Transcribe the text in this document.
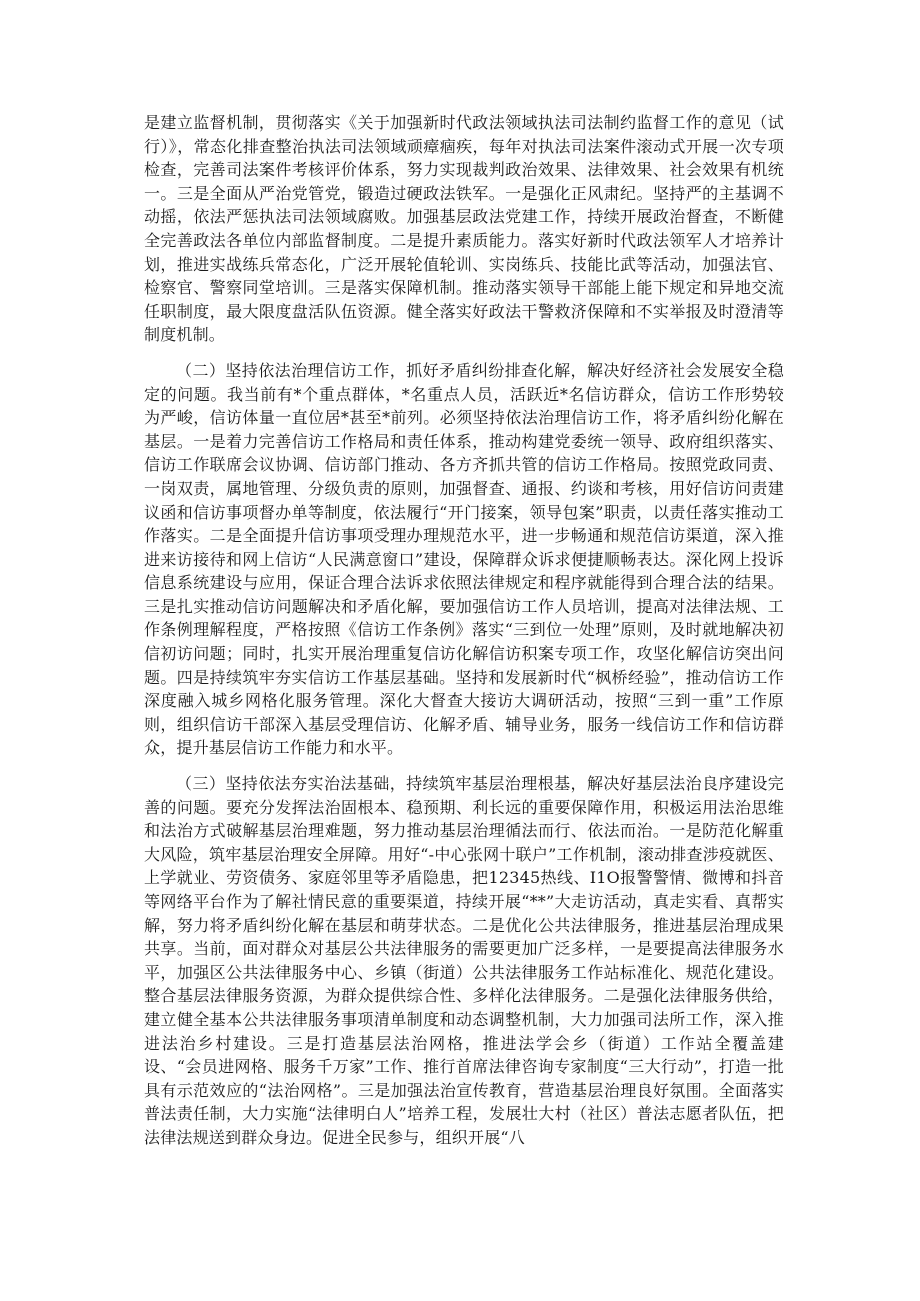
是建立监督机制，贯彻落实《关于加强新时代政法领域执法司法制约监督工作的意见（试行）》，常态化排查整治执法司法领域顽瘴痼疾，每年对执法司法案件滚动式开展一次专项检查，完善司法案件考核评价体系，努力实现裁判政治效果、法律效果、社会效果有机统一。三是全面从严治党管党，锻造过硬政法铁军。一是强化正风肃纪。坚持严的主基调不动摇，依法严惩执法司法领域腐败。加强基层政法党建工作，持续开展政治督查，不断健全完善政法各单位内部监督制度。二是提升素质能力。落实好新时代政法领军人才培养计划，推进实战练兵常态化，广泛开展轮值轮训、实岗练兵、技能比武等活动，加强法官、检察官、警察同堂培训。三是落实保障机制。推动落实领导干部能上能下规定和异地交流任职制度，最大限度盘活队伍资源。健全落实好政法干警救济保障和不实举报及时澄清等制度机制。

（二）坚持依法治理信访工作，抓好矛盾纠纷排查化解，解决好经济社会发展安全稳定的问题。我当前有*个重点群体，*名重点人员，活跃近*名信访群众，信访工作形势较为严峻，信访体量一直位居*甚至*前列。必须坚持依法治理信访工作，将矛盾纠纷化解在基层。一是着力完善信访工作格局和责任体系，推动构建党委统一领导、政府组织落实、信访工作联席会议协调、信访部门推动、各方齐抓共管的信访工作格局。按照党政同责、一岗双责，属地管理、分级负责的原则，加强督查、通报、约谈和考核，用好信访问责建议函和信访事项督办单等制度，依法履行“开门接案，领导包案”职责，以责任落实推动工作落实。二是全面提升信访事项受理办理规范水平，进一步畅通和规范信访渠道，深入推进来访接待和网上信访“人民满意窗口”建设，保障群众诉求便捷顺畅表达。深化网上投诉信息系统建设与应用，保证合理合法诉求依照法律规定和程序就能得到合理合法的结果。三是扎实推动信访问题解决和矛盾化解，要加强信访工作人员培训，提高对法律法规、工作条例理解程度，严格按照《信访工作条例》落实“三到位一处理”原则，及时就地解决初信初访问题；同时，扎实开展治理重复信访化解信访积案专项工作，攻坚化解信访突出问题。四是持续筑牢夯实信访工作基层基础。坚持和发展新时代“枫桥经验”，推动信访工作深度融入城乡网格化服务管理。深化大督查大接访大调研活动，按照“三到一重”工作原则，组织信访干部深入基层受理信访、化解矛盾、辅导业务，服务一线信访工作和信访群众，提升基层信访工作能力和水平。

（三）坚持依法夯实治法基础，持续筑牢基层治理根基，解决好基层法治良序建设完善的问题。要充分发挥法治固根本、稳预期、利长远的重要保障作用，积极运用法治思维和法治方式破解基层治理难题，努力推动基层治理循法而行、依法而治。一是防范化解重大风险，筑牢基层治理安全屏障。用好“-中心张网十联户”工作机制，滚动排查涉疫就医、上学就业、劳资债务、家庭邻里等矛盾隐患，把12345热线、I1O报警警情、微博和抖音等网络平台作为了解社情民意的重要渠道，持续开展“**”大走访活动，真走实看、真帮实解，努力将矛盾纠纷化解在基层和萌芽状态。二是优化公共法律服务，推进基层治理成果共享。当前，面对群众对基层公共法律服务的需要更加广泛多样，一是要提高法律服务水平，加强区公共法律服务中心、乡镇（街道）公共法律服务工作站标准化、规范化建设。整合基层法律服务资源，为群众提供综合性、多样化法律服务。二是强化法律服务供给，建立健全基本公共法律服务事项清单制度和动态调整机制，大力加强司法所工作，深入推进法治乡村建设。三是打造基层法治网格，推进法学会乡（街道）工作站全覆盖建设、“会员进网格、服务千万家”工作、推行首席法律咨询专家制度“三大行动”，打造一批具有示范效应的“法治网格”。三是加强法治宣传教育，营造基层治理良好氛围。全面落实普法责任制，大力实施“法律明白人”培养工程，发展壮大村（社区）普法志愿者队伍，把法律法规送到群众身边。促进全民参与，组织开展“八
